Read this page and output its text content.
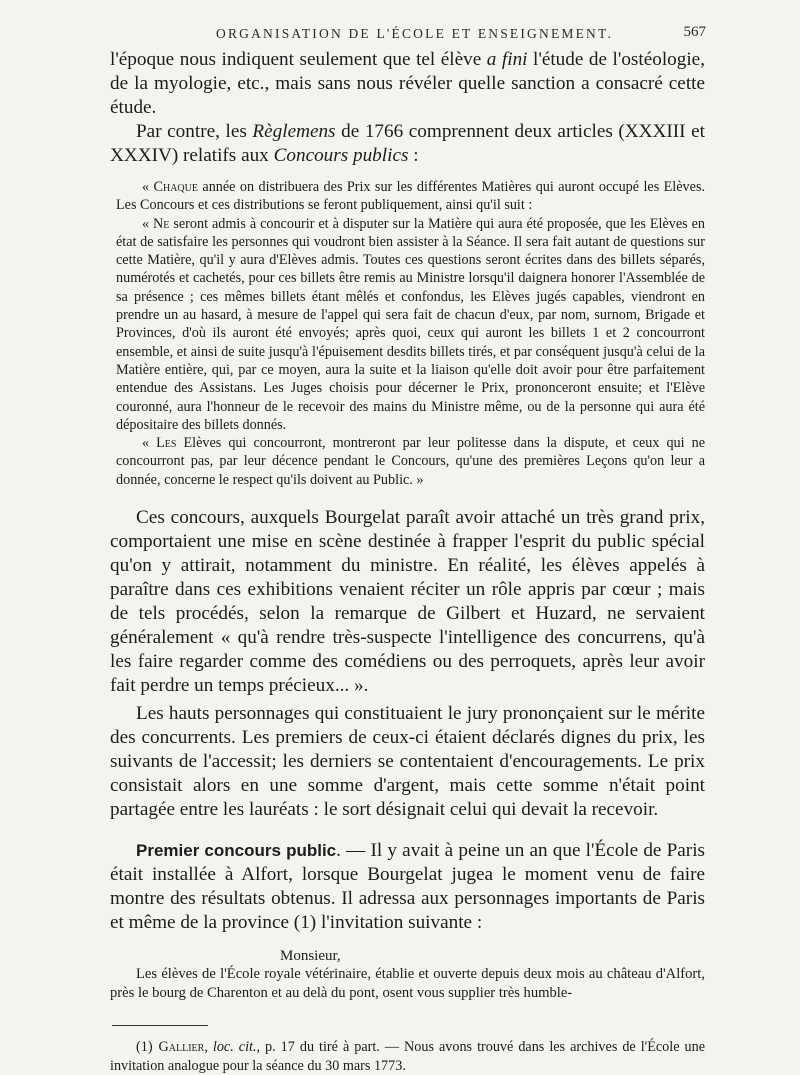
ORGANISATION DE L'ÉCOLE ET ENSEIGNEMENT.	567

l'époque nous indiquent seulement que tel élève a fini l'étude de l'ostéologie, de la myologie, etc., mais sans nous révéler quelle sanction a consacré cette étude.

Par contre, les Règlemens de 1766 comprennent deux articles (XXXIII et XXXIV) relatifs aux Concours publics :

« Chaque année on distribuera des Prix sur les différentes Matières qui auront occupé les Elèves. Les Concours et ces distributions se feront publiquement, ainsi qu'il suit :

« Ne seront admis à concourir et à disputer sur la Matière qui aura été proposée, que les Elèves en état de satisfaire les personnes qui voudront bien assister à la Séance. Il sera fait autant de questions sur cette Matière, qu'il y aura d'Elèves admis. Toutes ces questions seront écrites dans des billets séparés, numérotés et cachetés, pour ces billets être remis au Ministre lorsqu'il daignera honorer l'Assemblée de sa présence ; ces mêmes billets étant mêlés et confondus, les Elèves jugés capables, viendront en prendre un au hasard, à mesure de l'appel qui sera fait de chacun d'eux, par nom, surnom, Brigade et Provinces, d'où ils auront été envoyés; après quoi, ceux qui auront les billets 1 et 2 concourront ensemble, et ainsi de suite jusqu'à l'épuisement desdits billets tirés, et par conséquent jusqu'à celui de la Matière entière, qui, par ce moyen, aura la suite et la liaison qu'elle doit avoir pour être parfaitement entendue des Assistans. Les Juges choisis pour décerner le Prix, prononceront ensuite; et l'Elève couronné, aura l'honneur de le recevoir des mains du Ministre même, ou de la personne qui aura été dépositaire des billets donnés.

« Les Elèves qui concourront, montreront par leur politesse dans la dispute, et ceux qui ne concourront pas, par leur décence pendant le Concours, qu'une des premières Leçons qu'on leur a donnée, concerne le respect qu'ils doivent au Public. »

Ces concours, auxquels Bourgelat paraît avoir attaché un très grand prix, comportaient une mise en scène destinée à frapper l'esprit du public spécial qu'on y attirait, notamment du ministre. En réalité, les élèves appelés à paraître dans ces exhibitions venaient réciter un rôle appris par cœur ; mais de tels procédés, selon la remarque de Gilbert et Huzard, ne servaient généralement « qu'à rendre très-suspecte l'intelligence des concurrens, qu'à les faire regarder comme des comédiens ou des perroquets, après leur avoir fait perdre un temps précieux... ».

Les hauts personnages qui constituaient le jury prononçaient sur le mérite des concurrents. Les premiers de ceux-ci étaient déclarés dignes du prix, les suivants de l'accessit; les derniers se contentaient d'encouragements. Le prix consistait alors en une somme d'argent, mais cette somme n'était point partagée entre les lauréats : le sort désignait celui qui devait la recevoir.

Premier concours public. — Il y avait à peine un an que l'École de Paris était installée à Alfort, lorsque Bourgelat jugea le moment venu de faire montre des résultats obtenus. Il adressa aux personnages importants de Paris et même de la province (1) l'invitation suivante :

Monsieur,

Les élèves de l'École royale vétérinaire, établie et ouverte depuis deux mois au château d'Alfort, près le bourg de Charenton et au delà du pont, osent vous supplier très humble-

(1) Gallier, loc. cit., p. 17 du tiré à part. — Nous avons trouvé dans les archives de l'École une invitation analogue pour la séance du 30 mars 1773.
